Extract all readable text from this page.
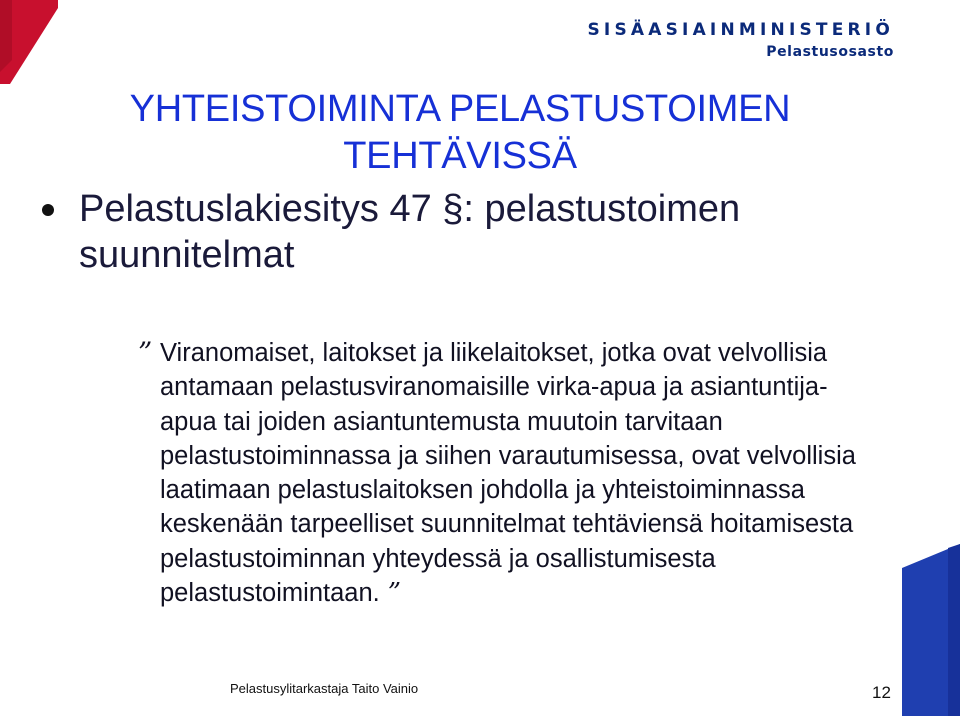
SISÄASIAINMINISTERIÖ
Pelastusosasto
YHTEISTOIMINTA PELASTUSTOIMEN
TEHTÄVISSÄ
Pelastuslakiesitys 47 §: pelastustoimen suunnitelmat
” Viranomaiset, laitokset ja liikelaitokset, jotka ovat velvollisia antamaan pelastusviranomaisille virka-apua ja asiantuntija-apua tai joiden asiantuntemusta muutoin tarvitaan pelastustoiminnassa ja siihen varautumisessa, ovat velvollisia laatimaan pelastuslaitoksen johdolla ja yhteistoiminnassa keskenään tarpeelliset suunnitelmat tehtäviensä hoitamisesta pelastustoiminnan yhteydessä ja osallistumisesta pelastustoimintaan. ”
Pelastusylitarkastaja Taito Vainio	12
